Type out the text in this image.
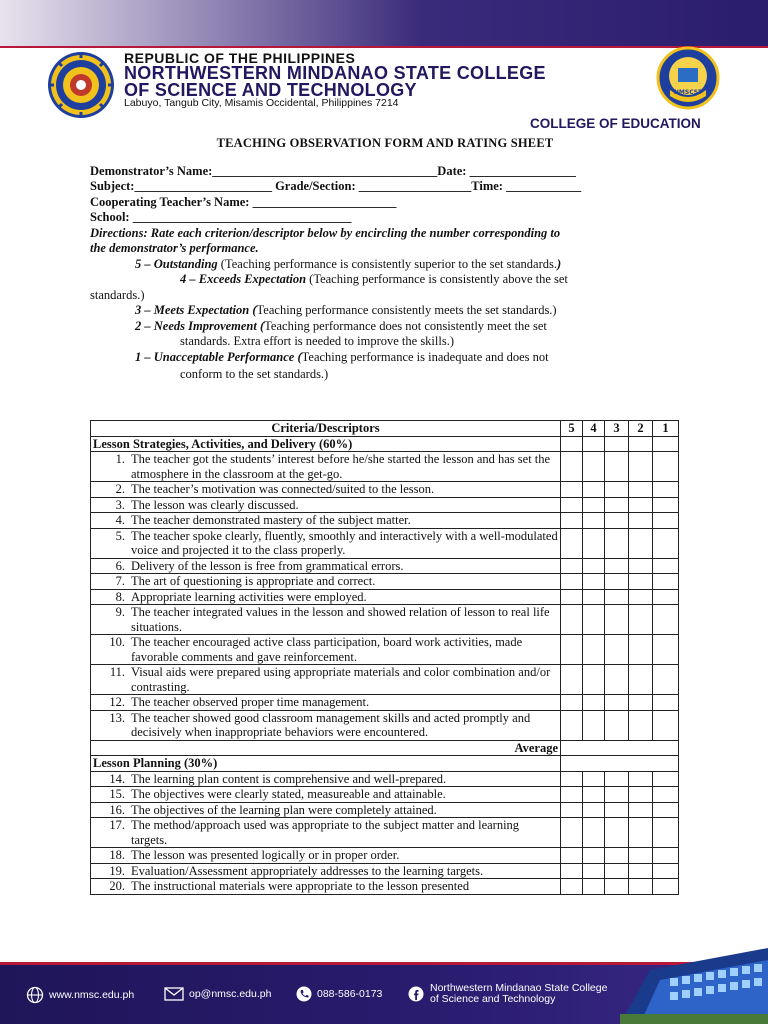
REPUBLIC OF THE PHILIPPINES
NORTHWESTERN MINDANAO STATE COLLEGE
OF SCIENCE AND TECHNOLOGY
Labuyo, Tangub City, Misamis Occidental, Philippines 7214
NMSCST
COLLEGE OF EDUCATION
TEACHING OBSERVATION FORM AND RATING SHEET
Demonstrator’s Name:____________________________________Date: _________________
Subject:______________________ Grade/Section: __________________Time: ____________
Cooperating Teacher’s Name: _______________________
School: ___________________________________
Directions: Rate each criterion/descriptor below by encircling the number corresponding to
the demonstrator’s performance.
5 – Outstanding (Teaching performance is consistently superior to the set standards.)
4 – Exceeds Expectation (Teaching performance is consistently above the set
standards.)
3 – Meets Expectation (Teaching performance consistently meets the set standards.)
2 – Needs Improvement (Teaching performance does not consistently meet the set
standards. Extra effort is needed to improve the skills.)
1 – Unacceptable Performance (Teaching performance is inadequate and does not
conform to the set standards.)
Criteria/Descriptors	5	4	3	2	1
Lesson Strategies, Activities, and Delivery (60%)					

1. The teacher got the students’ interest before he/she started the lesson and has set the atmosphere in the classroom at the get-go.					

2. The teacher’s motivation was connected/suited to the lesson.					

3. The lesson was clearly discussed.					

4. The teacher demonstrated mastery of the subject matter.					

5. The teacher spoke clearly, fluently, smoothly and interactively with a well-modulated voice and projected it to the class properly.					

6. Delivery of the lesson is free from grammatical errors.					

7. The art of questioning is appropriate and correct.					

8. Appropriate learning activities were employed.					

9. The teacher integrated values in the lesson and showed relation of lesson to real life situations.					

10. The teacher encouraged active class participation, board work activities, made favorable comments and gave reinforcement.					

11. Visual aids were prepared using appropriate materials and color combination and/or contrasting.					

12. The teacher observed proper time management.					

13. The teacher showed good classroom management skills and acted promptly and decisively when inappropriate behaviors were encountered.					

Average					
Lesson Planning (30%)					

14. The learning plan content is comprehensive and well-prepared.					

15. The objectives were clearly stated, measureable and attainable.					

16. The objectives of the learning plan were completely attained.					

17. The method/approach used was appropriate to the subject matter and learning targets.					

18. The lesson was presented logically or in proper order.					

19. Evaluation/Assessment appropriately addresses to the learning targets.					

20. The instructional materials were appropriate to the lesson presented					

www.nmsc.edu.ph	op@nmsc.edu.ph	088-586-0173	Northwestern Mindanao State College
of Science and Technology
